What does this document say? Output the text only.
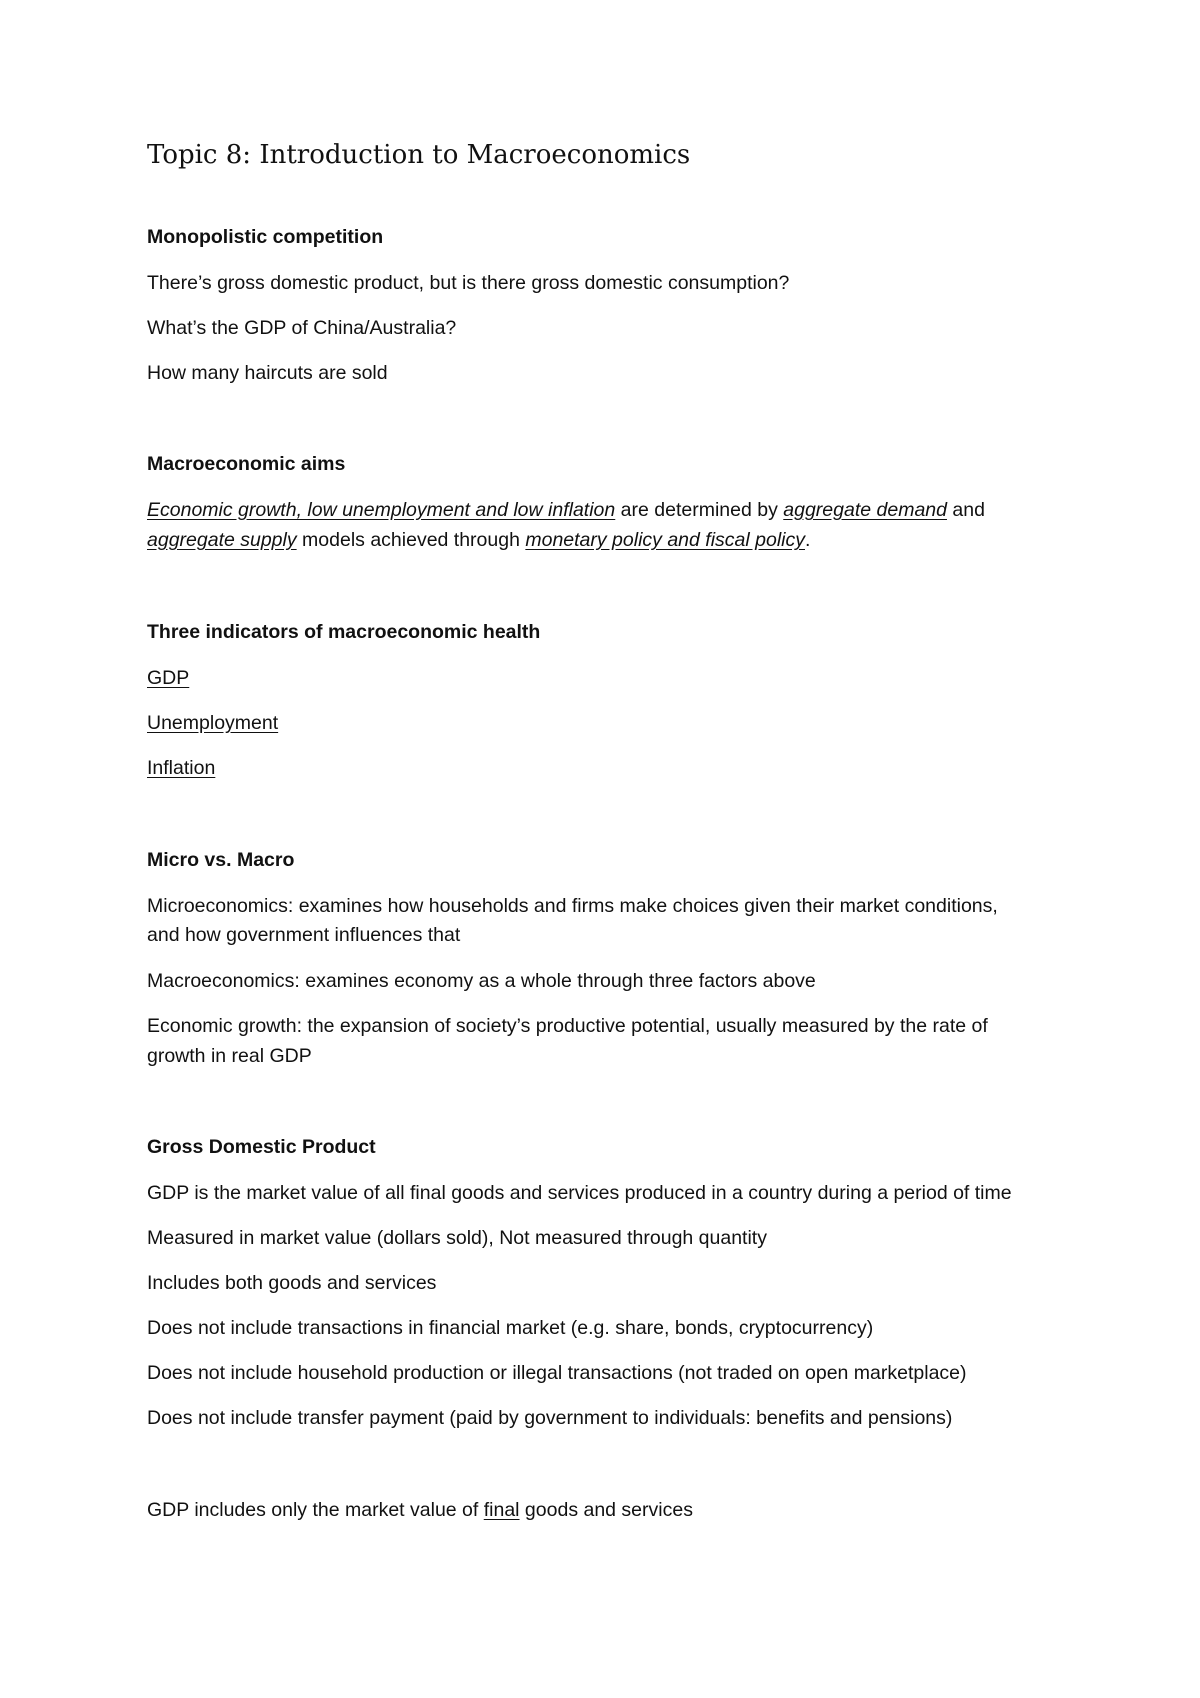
Topic 8: Introduction to Macroeconomics
Monopolistic competition
There’s gross domestic product, but is there gross domestic consumption?
What’s the GDP of China/Australia?
How many haircuts are sold
Macroeconomic aims
Economic growth, low unemployment and low inflation are determined by aggregate demand and
aggregate supply models achieved through monetary policy and fiscal policy.
Three indicators of macroeconomic health
GDP
Unemployment
Inflation
Micro vs. Macro
Microeconomics: examines how households and firms make choices given their market conditions,
and how government influences that
Macroeconomics: examines economy as a whole through three factors above
Economic growth: the expansion of society’s productive potential, usually measured by the rate of
growth in real GDP
Gross Domestic Product
GDP is the market value of all final goods and services produced in a country during a period of time
Measured in market value (dollars sold), Not measured through quantity
Includes both goods and services
Does not include transactions in financial market (e.g. share, bonds, cryptocurrency)
Does not include household production or illegal transactions (not traded on open marketplace)
Does not include transfer payment (paid by government to individuals: benefits and pensions)
GDP includes only the market value of final goods and services
